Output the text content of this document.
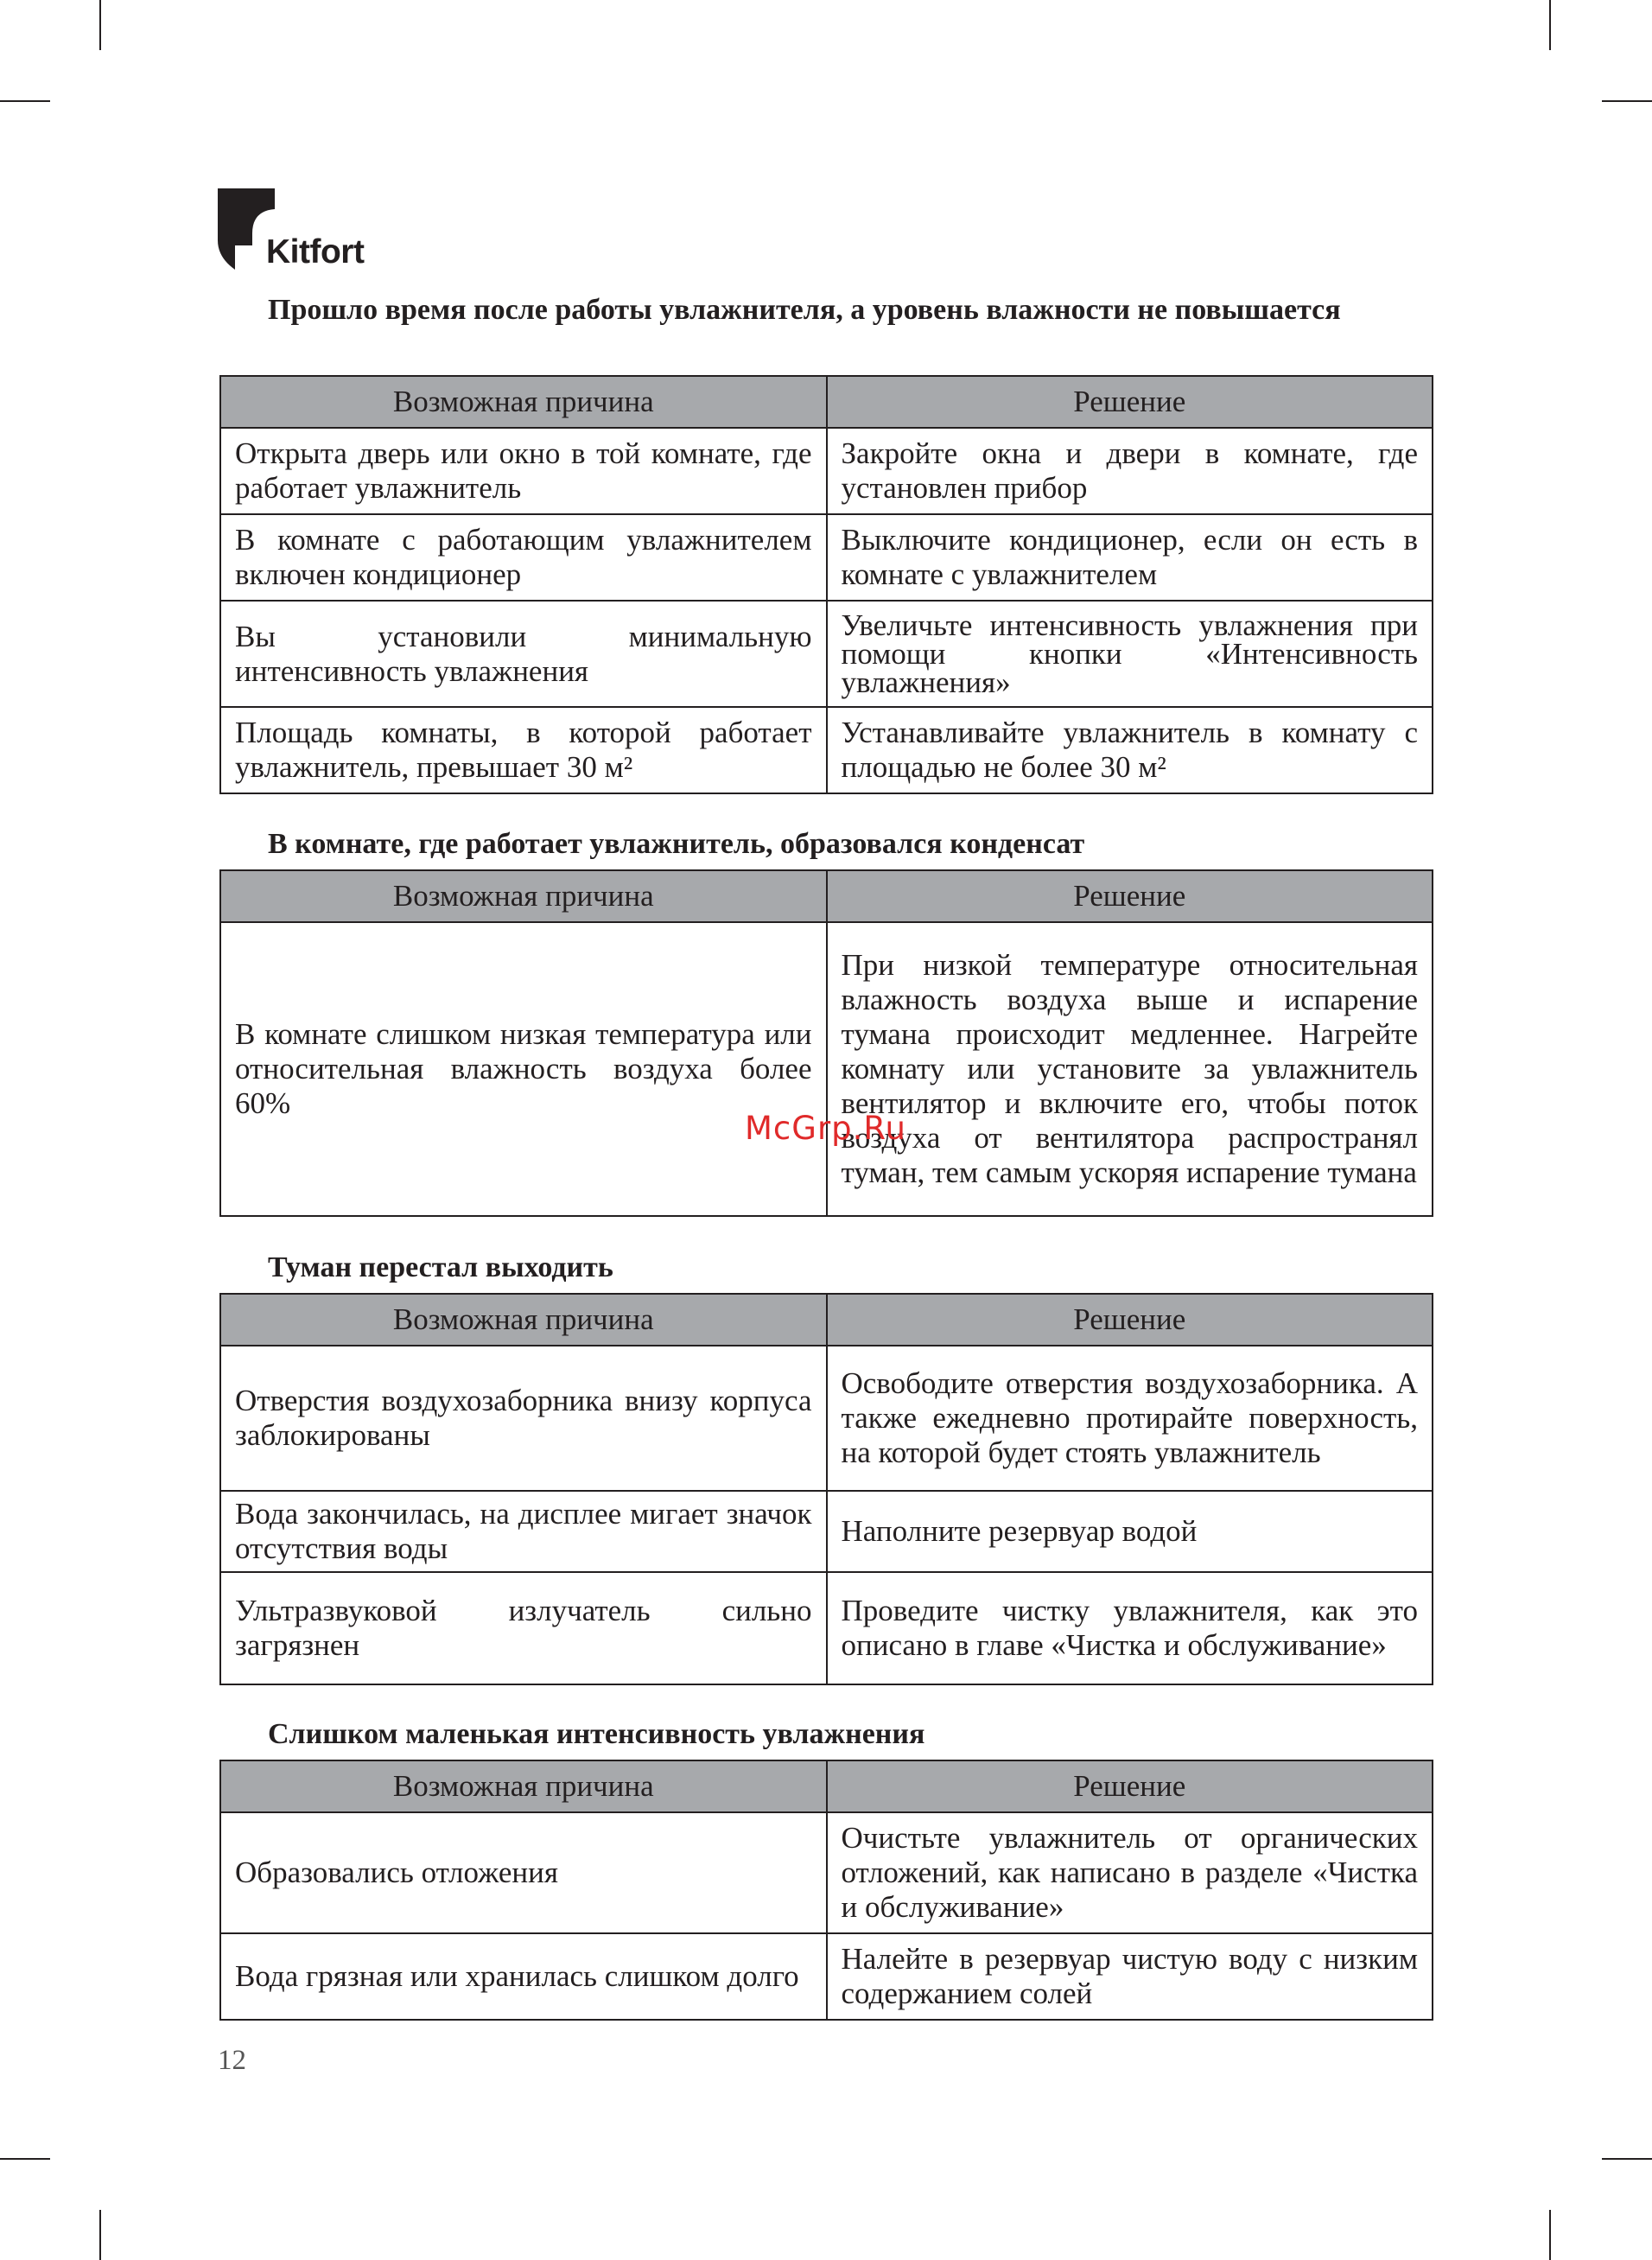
Kitfort
Прошло время после работы увлажнителя, а уровень влажности не повышается
Возможная причина	Решение
Открыта дверь или окно в той комнате, где работает увлажнитель	Закройте окна и двери в комнате, где установлен прибор
В комнате с работающим увлажнителем включен кондиционер	Выключите кондиционер, если он есть в комнате с увлажнителем
Вы установили минимальную интенсивность увлажнения	Увеличьте интенсивность увлажнения при помощи кнопки «Интенсивность увлажнения»
Площадь комнаты, в которой работает увлажнитель, превышает 30 м²	Устанавливайте увлажнитель в комнату с площадью не более 30 м²
В комнате, где работает увлажнитель, образовался конденсат
Возможная причина	Решение
В комнате слишком низкая температура или относительная влажность воздуха более 60%	При низкой температуре относительная влажность воздуха выше и испарение тумана происходит медленнее. Нагрейте комнату или установите за увлажнитель вентилятор и включите его, чтобы поток воздуха от вентилятора распространял туман, тем самым ускоряя испарение тумана
Туман перестал выходить
Возможная причина	Решение
Отверстия воздухозаборника внизу корпуса заблокированы	Освободите отверстия воздухозаборника. А также ежедневно протирайте поверхность, на которой будет стоять увлажнитель
Вода закончилась, на дисплее мигает значок отсутствия воды	Наполните резервуар водой
Ультразвуковой излучатель сильно загрязнен	Проведите чистку увлажнителя, как это описано в главе «Чистка и обслуживание»
Слишком маленькая интенсивность увлажнения
Возможная причина	Решение
Образовались отложения	Очистьте увлажнитель от органических отложений, как написано в разделе «Чистка и обслуживание»
Вода грязная или хранилась слишком долго	Налейте в резервуар чистую воду с низким содержанием солей
12
McGrp.Ru
